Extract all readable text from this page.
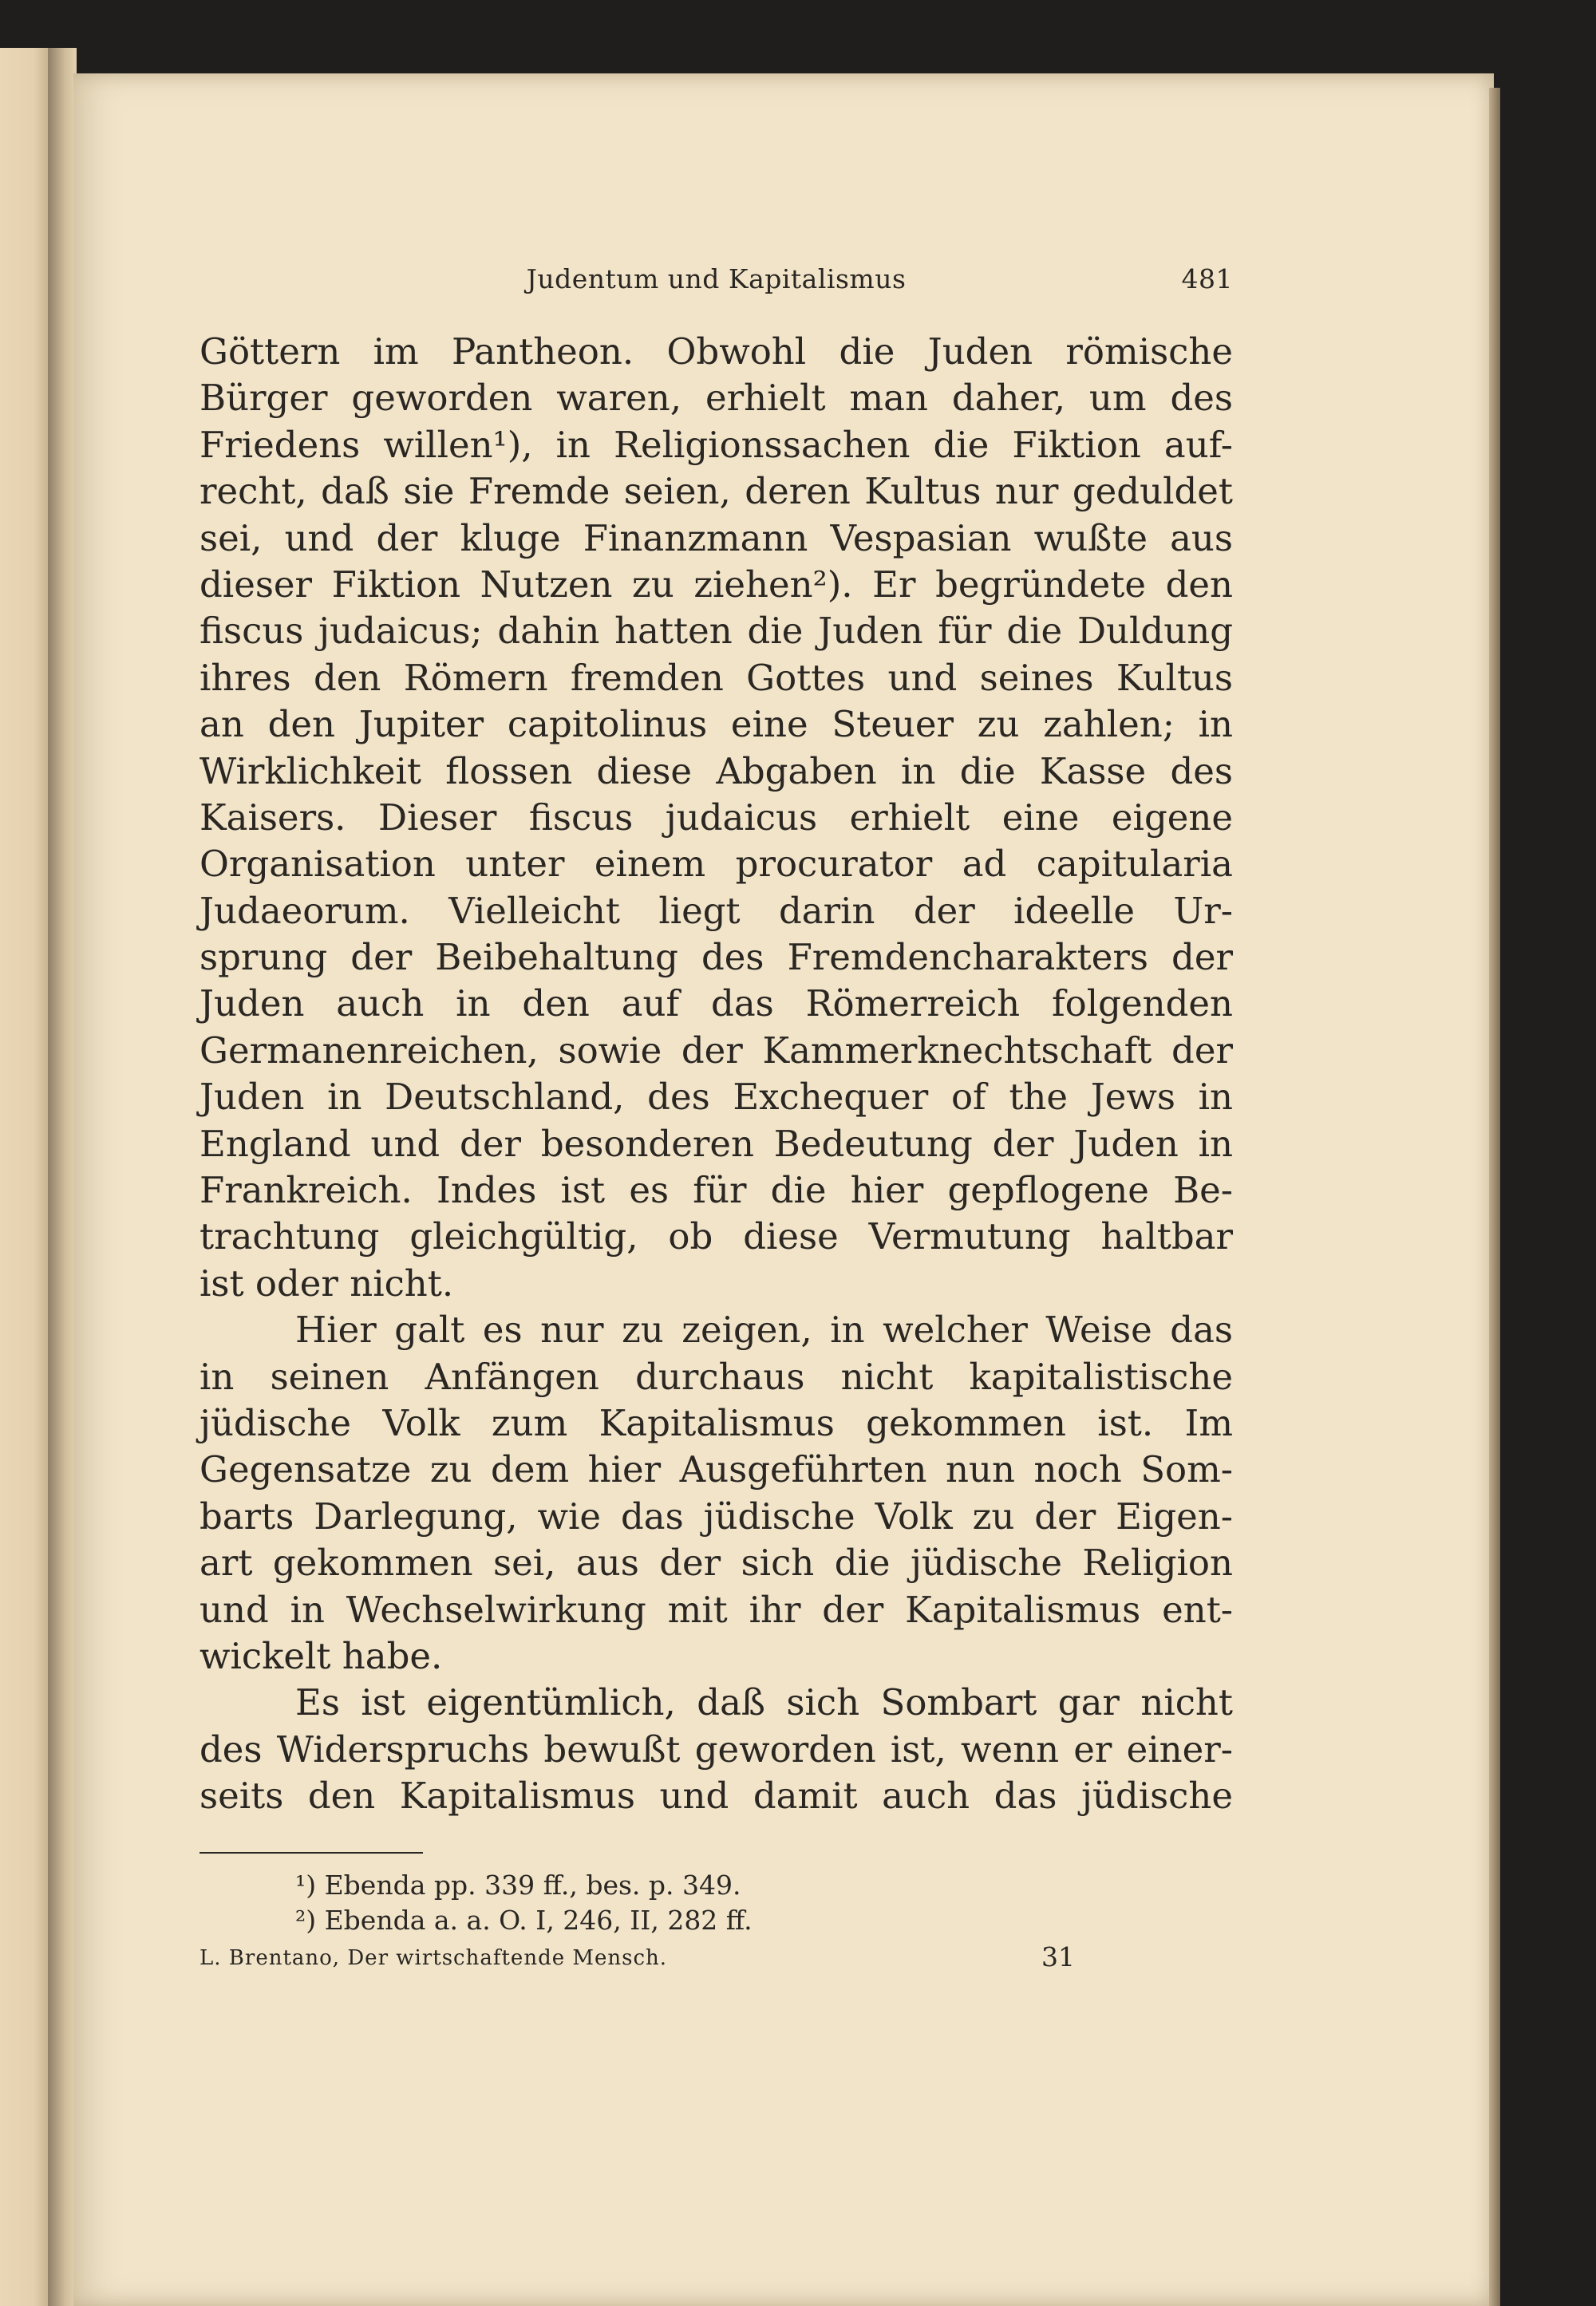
Judentum und Kapitalismus	481
Göttern im Pantheon. Obwohl die Juden römische
Bürger geworden waren, erhielt man daher, um des
Friedens willen¹), in Religionssachen die Fiktion auf-
recht, daß sie Fremde seien, deren Kultus nur geduldet
sei, und der kluge Finanzmann Vespasian wußte aus
dieser Fiktion Nutzen zu ziehen²). Er begründete den
fiscus judaicus; dahin hatten die Juden für die Duldung
ihres den Römern fremden Gottes und seines Kultus
an den Jupiter capitolinus eine Steuer zu zahlen; in
Wirklichkeit flossen diese Abgaben in die Kasse des
Kaisers. Dieser fiscus judaicus erhielt eine eigene
Organisation unter einem procurator ad capitularia
Judaeorum. Vielleicht liegt darin der ideelle Ur-
sprung der Beibehaltung des Fremdencharakters der
Juden auch in den auf das Römerreich folgenden
Germanenreichen, sowie der Kammerknechtschaft der
Juden in Deutschland, des Exchequer of the Jews in
England und der besonderen Bedeutung der Juden in
Frankreich. Indes ist es für die hier gepflogene Be-
trachtung gleichgültig, ob diese Vermutung haltbar
ist oder nicht.
Hier galt es nur zu zeigen, in welcher Weise das
in seinen Anfängen durchaus nicht kapitalistische
jüdische Volk zum Kapitalismus gekommen ist. Im
Gegensatze zu dem hier Ausgeführten nun noch Som-
barts Darlegung, wie das jüdische Volk zu der Eigen-
art gekommen sei, aus der sich die jüdische Religion
und in Wechselwirkung mit ihr der Kapitalismus ent-
wickelt habe.
Es ist eigentümlich, daß sich Sombart gar nicht
des Widerspruchs bewußt geworden ist, wenn er einer-
seits den Kapitalismus und damit auch das jüdische
¹) Ebenda pp. 339 ff., bes. p. 349.
²) Ebenda a. a. O. I, 246, II, 282 ff.
L. Brentano, Der wirtschaftende Mensch.	31
